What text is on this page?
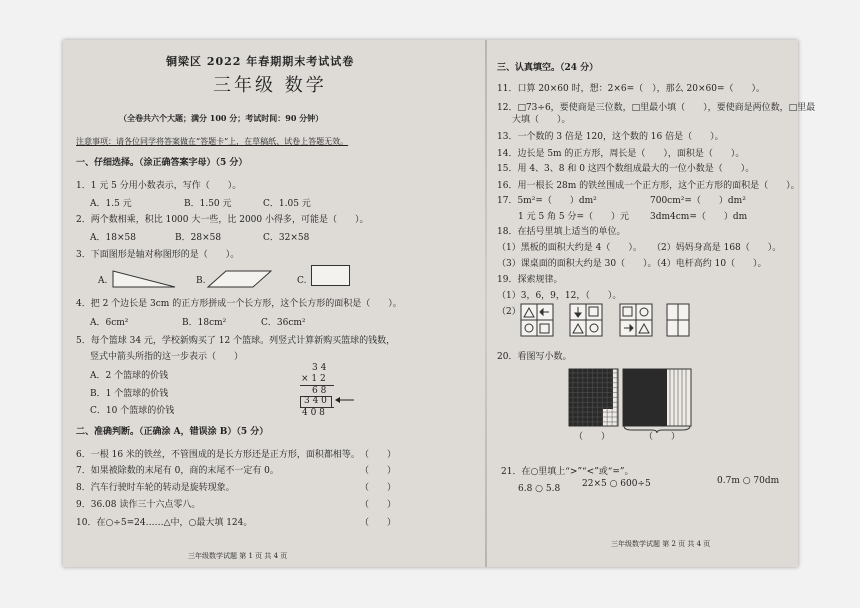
铜梁区 2022 年春期期末考试试卷
三年级 数学
（全卷共六个大题；满分 100 分；考试时间：90 分钟）
注意事项：请各位同学将答案做在“答题卡”上，在草稿纸、试卷上答题无效。
一、仔细选择。（涂正确答案字母）（5 分）
1．1 元 5 分用小数表示，写作（　　）。
A．1.5 元	B．1.50 元	C．1.05 元
2．两个数相乘，积比 1000 大一些，比 2000 小得多，可能是（　　）。
A．18×58	B．28×58	C．32×58
3．下面图形是轴对称图形的是（　　）。
A.	B.	C.
4．把 2 个边长是 3cm 的正方形拼成一个长方形，这个长方形的面积是（　　）。
A．6cm²	B．18cm²	C．36cm²
5．每个篮球 34 元，学校新购买了 12 个篮球。列竖式计算新购买篮球的钱数，
竖式中箭头所指的这一步表示（　　）
A．2 个篮球的价钱
B．1 个篮球的价钱
C．10 个篮球的价钱
3 4
× 1 2
6 8
3 4 0
4 0 8
二、准确判断。（正确涂 A，错误涂 B）（5 分）
6．一根 16 米的铁丝，不管围成的是长方形还是正方形，面积都相等。
7．如果被除数的末尾有 0，商的末尾不一定有 0。
8．汽车行驶时车轮的转动是旋转现象。
9．36.08 读作三十六点零八。
10．在○÷5=24……△中，○最大填 124。
（　　）
（　　）
（　　）
（　　）
（　　）
三年级数学试题 第 1 页 共 4 页
三、认真填空。（24 分）
11．口算 20×60 时，想：2×6=（　），那么 20×60=（　　）。
12．□73÷6，要使商是三位数，□里最小填（　　），要使商是两位数，□里最
大填（　　）。
13．一个数的 3 倍是 120，这个数的 16 倍是（　　）。
14．边长是 5m 的正方形，周长是（　　），面积是（　　）。
15．用 4、3、8 和 0 这四个数组成最大的一位小数是（　　）。
16．用一根长 28m 的铁丝围成一个正方形，这个正方形的面积是（　　）。
17．5m²=（　　）dm²	700cm²=（　　）dm²
1 元 5 角 5 分=（　　）元 3dm4cm=（　　）dm
18．在括号里填上适当的单位。
（1）黑板的面积大约是 4（　　）。 （2）妈妈身高是 168（　　）。
（3）课桌面的面积大约是 30（　　）。
（4）电杆高约 10（　　）。
19．探索规律。
（1）3，6，9，12，（　　）。
（2）
20．看图写小数。
（　　）	（　　）
21．在○里填上“>”“<”或“=”。
6.8 ○ 5.8 22×5 ○ 600÷5	0.7m ○ 70dm
三年级数学试题 第 2 页 共 4 页
